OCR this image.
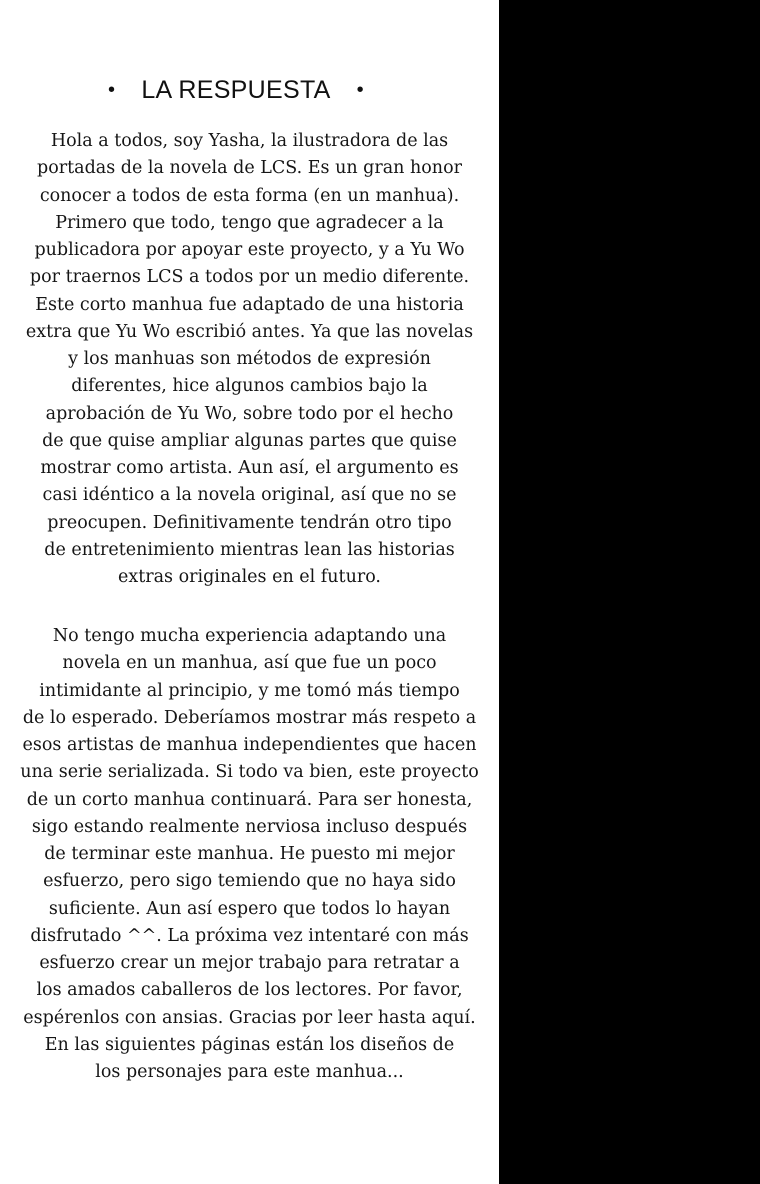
• LA RESPUESTA •
Hola a todos, soy Yasha, la ilustradora de las
portadas de la novela de LCS. Es un gran honor
conocer a todos de esta forma (en un manhua).
Primero que todo, tengo que agradecer a la
publicadora por apoyar este proyecto, y a Yu Wo
por traernos LCS a todos por un medio diferente.
Este corto manhua fue adaptado de una historia
extra que Yu Wo escribió antes. Ya que las novelas
y los manhuas son métodos de expresión
diferentes, hice algunos cambios bajo la
aprobación de Yu Wo, sobre todo por el hecho
de que quise ampliar algunas partes que quise
mostrar como artista. Aun así, el argumento es
casi idéntico a la novela original, así que no se
preocupen. Definitivamente tendrán otro tipo
de entretenimiento mientras lean las historias
extras originales en el futuro.
No tengo mucha experiencia adaptando una
novela en un manhua, así que fue un poco
intimidante al principio, y me tomó más tiempo
de lo esperado. Deberíamos mostrar más respeto a
esos artistas de manhua independientes que hacen
una serie serializada. Si todo va bien, este proyecto
de un corto manhua continuará. Para ser honesta,
sigo estando realmente nerviosa incluso después
de terminar este manhua. He puesto mi mejor
esfuerzo, pero sigo temiendo que no haya sido
suficiente. Aun así espero que todos lo hayan
disfrutado ^^. La próxima vez intentaré con más
esfuerzo crear un mejor trabajo para retratar a
los amados caballeros de los lectores. Por favor,
espérenlos con ansias. Gracias por leer hasta aquí.
En las siguientes páginas están los diseños de
los personajes para este manhua...
